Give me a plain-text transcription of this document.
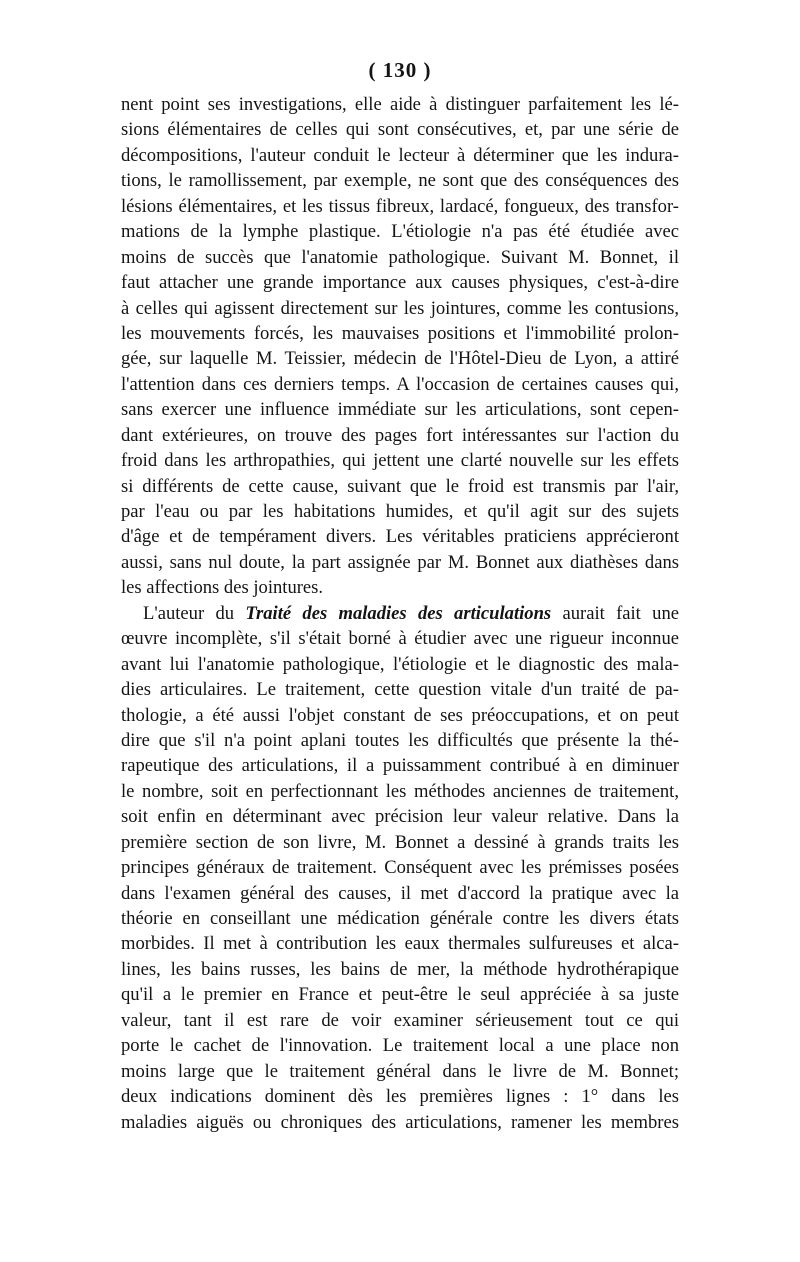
( 130 )
nent point ses investigations, elle aide à distinguer parfaitement les lé-
sions élémentaires de celles qui sont consécutives, et, par une série de
décompositions, l'auteur conduit le lecteur à déterminer que les indura-
tions, le ramollissement, par exemple, ne sont que des conséquences des
lésions élémentaires, et les tissus fibreux, lardacé, fongueux, des transfor-
mations de la lymphe plastique. L'étiologie n'a pas été étudiée avec
moins de succès que l'anatomie pathologique. Suivant M. Bonnet, il
faut attacher une grande importance aux causes physiques, c'est-à-dire
à celles qui agissent directement sur les jointures, comme les contusions,
les mouvements forcés, les mauvaises positions et l'immobilité prolon-
gée, sur laquelle M. Teissier, médecin de l'Hôtel-Dieu de Lyon, a attiré
l'attention dans ces derniers temps. A l'occasion de certaines causes qui,
sans exercer une influence immédiate sur les articulations, sont cepen-
dant extérieures, on trouve des pages fort intéressantes sur l'action du
froid dans les arthropathies, qui jettent une clarté nouvelle sur les effets
si différents de cette cause, suivant que le froid est transmis par l'air,
par l'eau ou par les habitations humides, et qu'il agit sur des sujets
d'âge et de tempérament divers. Les véritables praticiens apprécieront
aussi, sans nul doute, la part assignée par M. Bonnet aux diathèses dans
les affections des jointures.
L'auteur du Traité des maladies des articulations aurait fait une
œuvre incomplète, s'il s'était borné à étudier avec une rigueur inconnue
avant lui l'anatomie pathologique, l'étiologie et le diagnostic des mala-
dies articulaires. Le traitement, cette question vitale d'un traité de pa-
thologie, a été aussi l'objet constant de ses préoccupations, et on peut
dire que s'il n'a point aplani toutes les difficultés que présente la thé-
rapeutique des articulations, il a puissamment contribué à en diminuer
le nombre, soit en perfectionnant les méthodes anciennes de traitement,
soit enfin en déterminant avec précision leur valeur relative. Dans la
première section de son livre, M. Bonnet a dessiné à grands traits les
principes généraux de traitement. Conséquent avec les prémisses posées
dans l'examen général des causes, il met d'accord la pratique avec la
théorie en conseillant une médication générale contre les divers états
morbides. Il met à contribution les eaux thermales sulfureuses et alca-
lines, les bains russes, les bains de mer, la méthode hydrothérapique
qu'il a le premier en France et peut-être le seul appréciée à sa juste
valeur, tant il est rare de voir examiner sérieusement tout ce qui
porte le cachet de l'innovation. Le traitement local a une place non
moins large que le traitement général dans le livre de M. Bonnet;
deux indications dominent dès les premières lignes : 1° dans les
maladies aiguës ou chroniques des articulations, ramener les membres
